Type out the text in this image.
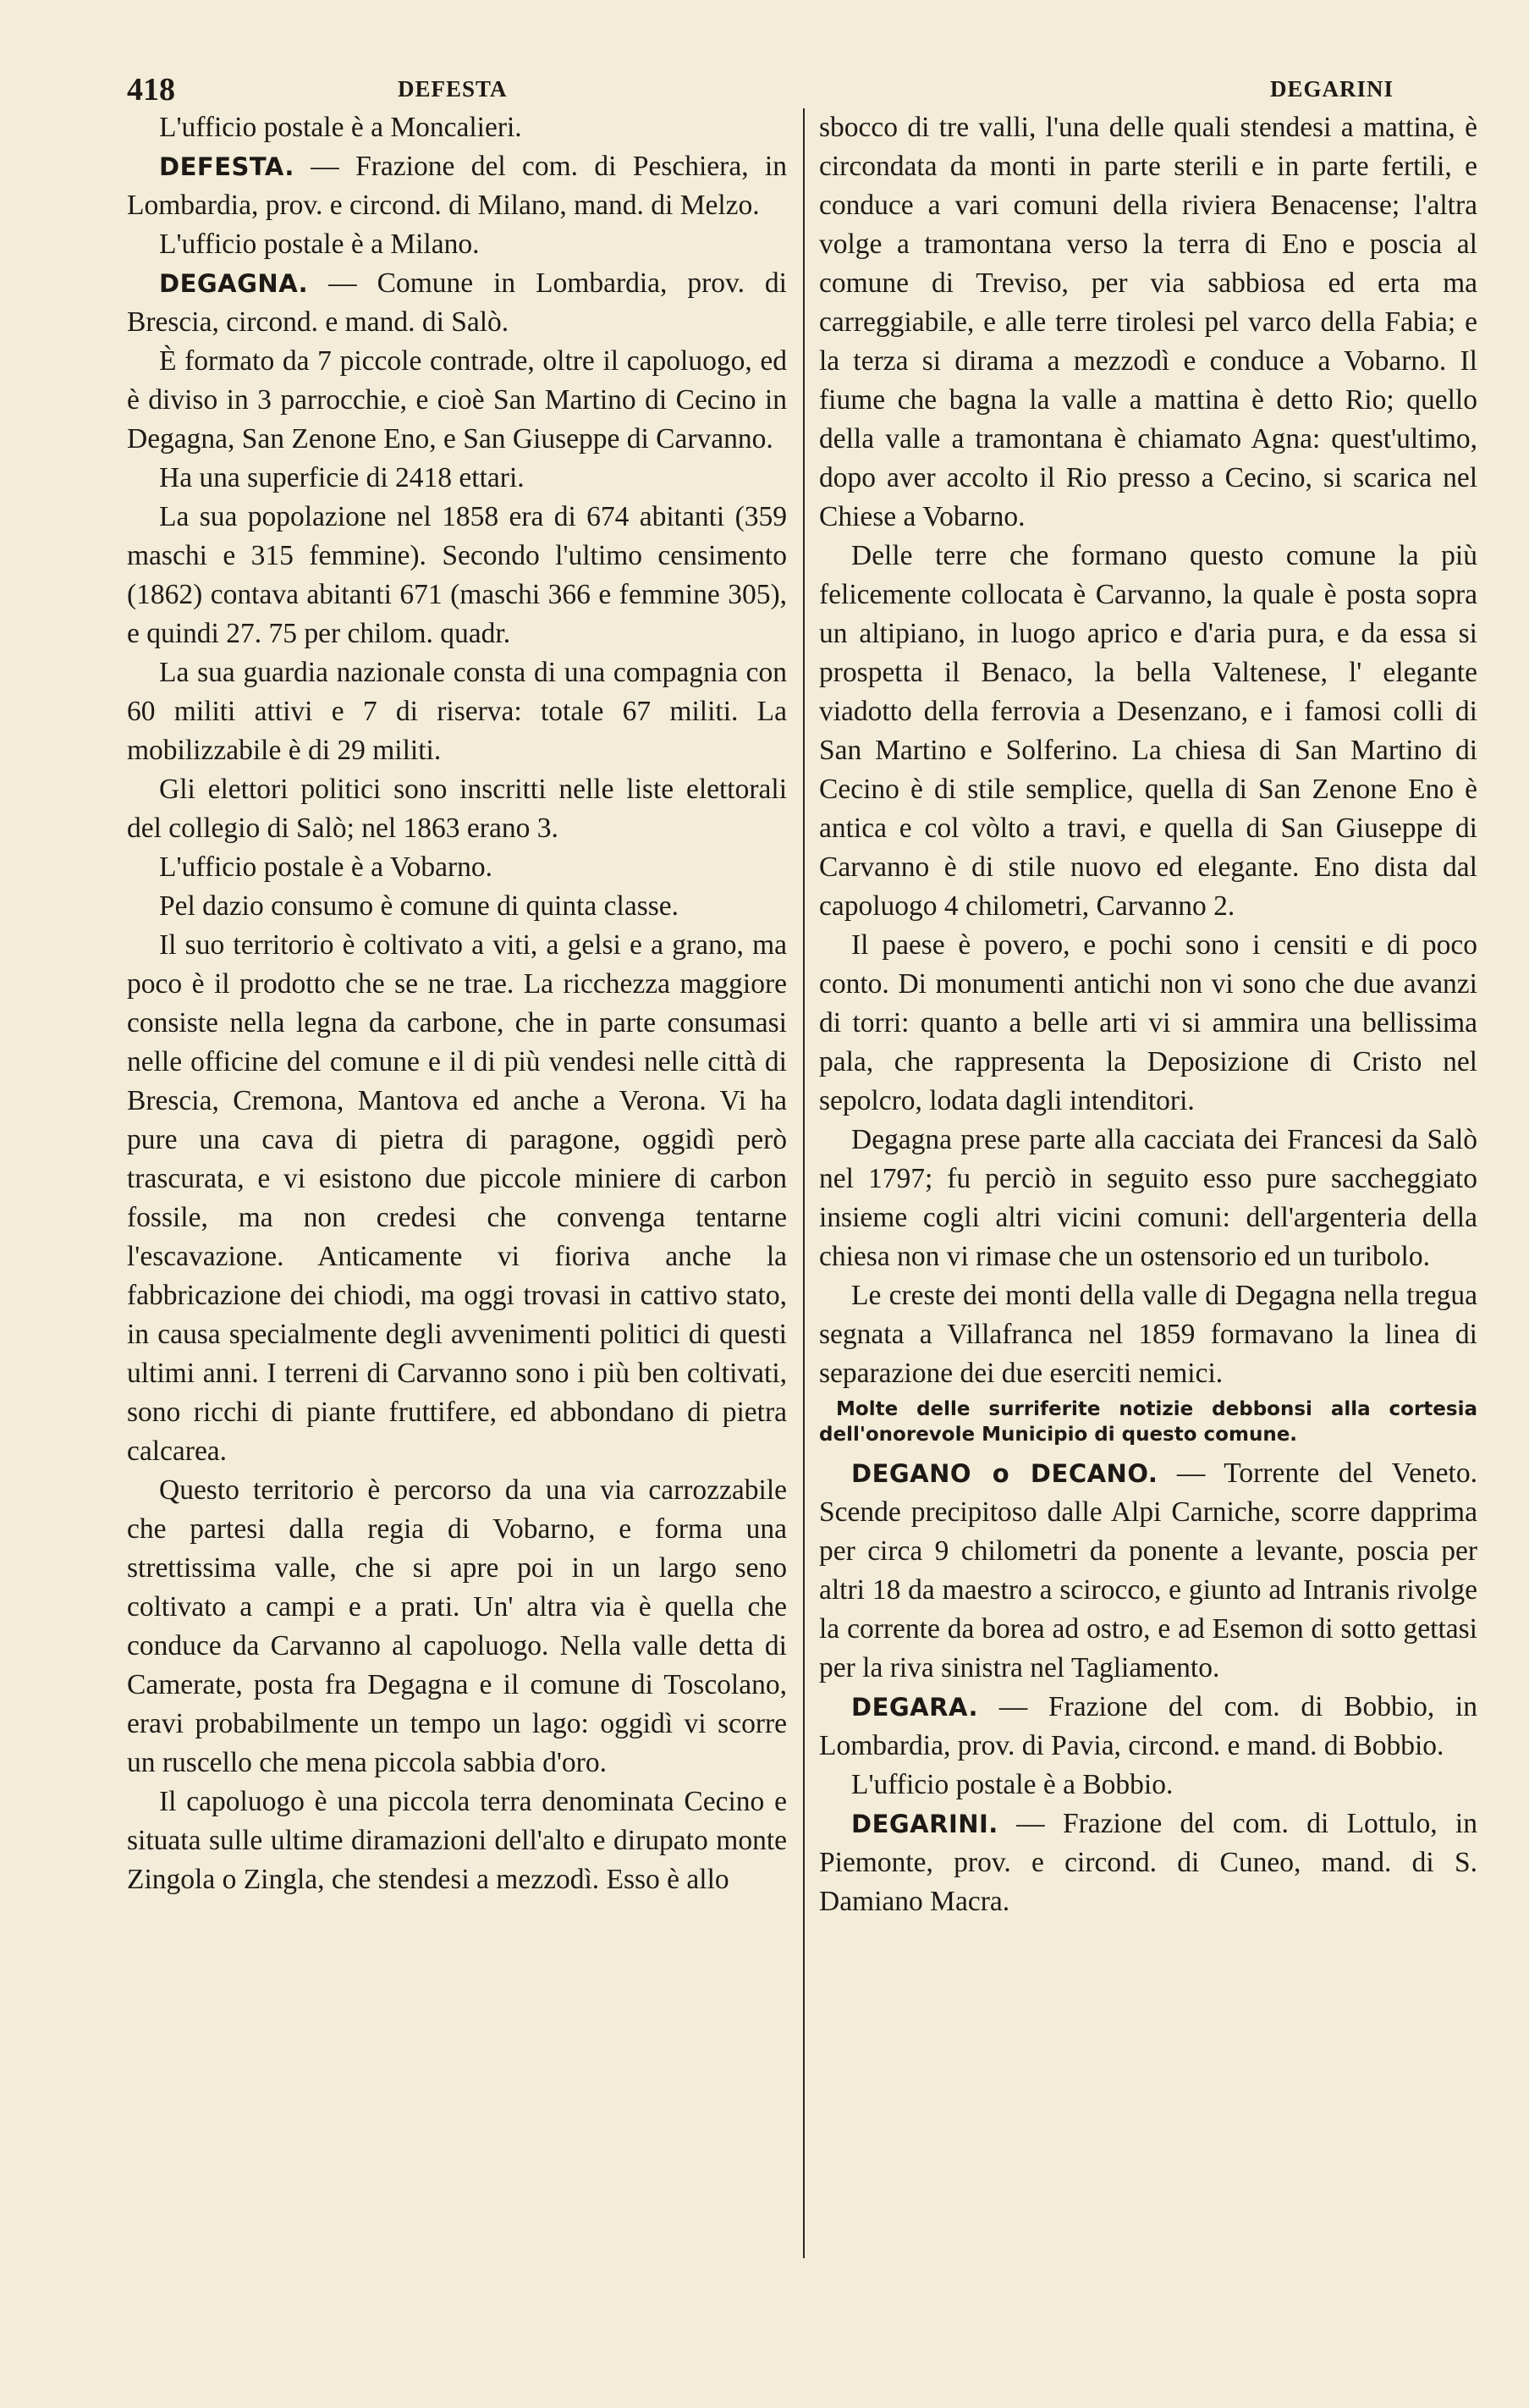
418	DEFESTA	DEGARINI

L'ufficio postale è a Moncalieri.

DEFESTA. — Frazione del com. di Peschiera, in Lombardia, prov. e circond. di Milano, mand. di Melzo.

L'ufficio postale è a Milano.

DEGAGNA. — Comune in Lombardia, prov. di Brescia, circond. e mand. di Salò.

È formato da 7 piccole contrade, oltre il capoluogo, ed è diviso in 3 parrocchie, e cioè San Martino di Cecino in Degagna, San Zenone Eno, e San Giuseppe di Carvanno.

Ha una superficie di 2418 ettari.

La sua popolazione nel 1858 era di 674 abitanti (359 maschi e 315 femmine). Secondo l'ultimo censimento (1862) contava abitanti 671 (maschi 366 e femmine 305), e quindi 27. 75 per chilom. quadr.

La sua guardia nazionale consta di una compagnia con 60 militi attivi e 7 di riserva: totale 67 militi. La mobilizzabile è di 29 militi.

Gli elettori politici sono inscritti nelle liste elettorali del collegio di Salò; nel 1863 erano 3.

L'ufficio postale è a Vobarno.

Pel dazio consumo è comune di quinta classe.

Il suo territorio è coltivato a viti, a gelsi e a grano, ma poco è il prodotto che se ne trae. La ricchezza maggiore consiste nella legna da carbone, che in parte consumasi nelle officine del comune e il di più vendesi nelle città di Brescia, Cremona, Mantova ed anche a Verona. Vi ha pure una cava di pietra di paragone, oggidì però trascurata, e vi esistono due piccole miniere di carbon fossile, ma non credesi che convenga tentarne l'escavazione. Anticamente vi fioriva anche la fabbricazione dei chiodi, ma oggi trovasi in cattivo stato, in causa specialmente degli avvenimenti politici di questi ultimi anni. I terreni di Carvanno sono i più ben coltivati, sono ricchi di piante fruttifere, ed abbondano di pietra calcarea.

Questo territorio è percorso da una via carrozzabile che partesi dalla regia di Vobarno, e forma una strettissima valle, che si apre poi in un largo seno coltivato a campi e a prati. Un' altra via è quella che conduce da Carvanno al capoluogo. Nella valle detta di Camerate, posta fra Degagna e il comune di Toscolano, eravi probabilmente un tempo un lago: oggidì vi scorre un ruscello che mena piccola sabbia d'oro.

Il capoluogo è una piccola terra denominata Cecino e situata sulle ultime diramazioni dell'alto e dirupato monte Zingola o Zingla, che stendesi a mezzodì. Esso è allo

sbocco di tre valli, l'una delle quali stendesi a mattina, è circondata da monti in parte sterili e in parte fertili, e conduce a vari comuni della riviera Benacense; l'altra volge a tramontana verso la terra di Eno e poscia al comune di Treviso, per via sabbiosa ed erta ma carreggiabile, e alle terre tirolesi pel varco della Fabia; e la terza si dirama a mezzodì e conduce a Vobarno. Il fiume che bagna la valle a mattina è detto Rio; quello della valle a tramontana è chiamato Agna: quest'ultimo, dopo aver accolto il Rio presso a Cecino, si scarica nel Chiese a Vobarno.

Delle terre che formano questo comune la più felicemente collocata è Carvanno, la quale è posta sopra un altipiano, in luogo aprico e d'aria pura, e da essa si prospetta il Benaco, la bella Valtenese, l' elegante viadotto della ferrovia a Desenzano, e i famosi colli di San Martino e Solferino. La chiesa di San Martino di Cecino è di stile semplice, quella di San Zenone Eno è antica e col vòlto a travi, e quella di San Giuseppe di Carvanno è di stile nuovo ed elegante. Eno dista dal capoluogo 4 chilometri, Carvanno 2.

Il paese è povero, e pochi sono i censiti e di poco conto. Di monumenti antichi non vi sono che due avanzi di torri: quanto a belle arti vi si ammira una bellissima pala, che rappresenta la Deposizione di Cristo nel sepolcro, lodata dagli intenditori.

Degagna prese parte alla cacciata dei Francesi da Salò nel 1797; fu perciò in seguito esso pure saccheggiato insieme cogli altri vicini comuni: dell'argenteria della chiesa non vi rimase che un ostensorio ed un turibolo.

Le creste dei monti della valle di Degagna nella tregua segnata a Villafranca nel 1859 formavano la linea di separazione dei due eserciti nemici.

Molte delle surriferite notizie debbonsi alla cortesia dell'onorevole Municipio di questo comune.

DEGANO o DECANO. — Torrente del Veneto. Scende precipitoso dalle Alpi Carniche, scorre dapprima per circa 9 chilometri da ponente a levante, poscia per altri 18 da maestro a scirocco, e giunto ad Intranis rivolge la corrente da borea ad ostro, e ad Esemon di sotto gettasi per la riva sinistra nel Tagliamento.

DEGARA. — Frazione del com. di Bobbio, in Lombardia, prov. di Pavia, circond. e mand. di Bobbio.

L'ufficio postale è a Bobbio.

DEGARINI. — Frazione del com. di Lottulo, in Piemonte, prov. e circond. di Cuneo, mand. di S. Damiano Macra.
